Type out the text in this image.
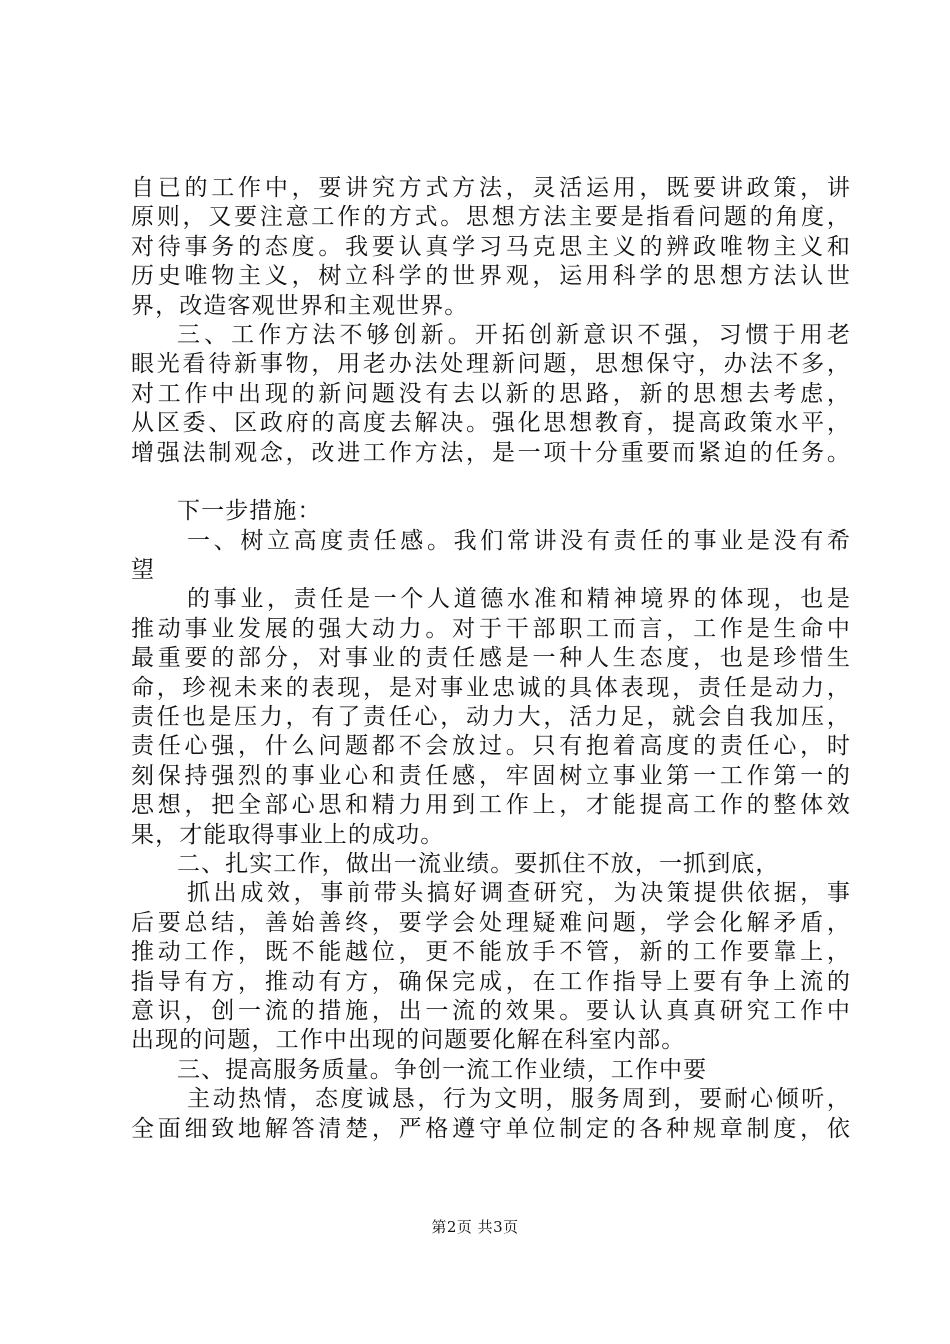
自已的工作中，要讲究方式方法，灵活运用，既要讲政策，讲
原则，又要注意工作的方式。思想方法主要是指看问题的角度，
对待事务的态度。我要认真学习马克思主义的辨政唯物主义和
历史唯物主义，树立科学的世界观，运用科学的思想方法认世
界，改造客观世界和主观世界。
三、工作方法不够创新。开拓创新意识不强，习惯于用老
眼光看待新事物，用老办法处理新问题，思想保守，办法不多，
对工作中出现的新问题没有去以新的思路，新的思想去考虑，
从区委、区政府的高度去解决。强化思想教育，提高政策水平，
增强法制观念，改进工作方法，是一项十分重要而紧迫的任务。
下一步措施：
一、树立高度责任感。我们常讲没有责任的事业是没有希
望
的事业，责任是一个人道德水准和精神境界的体现，也是
推动事业发展的强大动力。对于干部职工而言，工作是生命中
最重要的部分，对事业的责任感是一种人生态度，也是珍惜生
命，珍视未来的表现，是对事业忠诚的具体表现，责任是动力，
责任也是压力，有了责任心，动力大，活力足，就会自我加压，
责任心强，什么问题都不会放过。只有抱着高度的责任心，时
刻保持强烈的事业心和责任感，牢固树立事业第一工作第一的
思想，把全部心思和精力用到工作上，才能提高工作的整体效
果，才能取得事业上的成功。
二、扎实工作，做出一流业绩。要抓住不放，一抓到底，
抓出成效，事前带头搞好调查研究，为决策提供依据，事
后要总结，善始善终，要学会处理疑难问题，学会化解矛盾，
推动工作，既不能越位，更不能放手不管，新的工作要靠上，
指导有方，推动有方，确保完成，在工作指导上要有争上流的
意识，创一流的措施，出一流的效果。要认认真真研究工作中
出现的问题，工作中出现的问题要化解在科室内部。
三、提高服务质量。争创一流工作业绩，工作中要
主动热情，态度诚恳，行为文明，服务周到，要耐心倾听，
全面细致地解答清楚，严格遵守单位制定的各种规章制度，依
第2页 共3页
